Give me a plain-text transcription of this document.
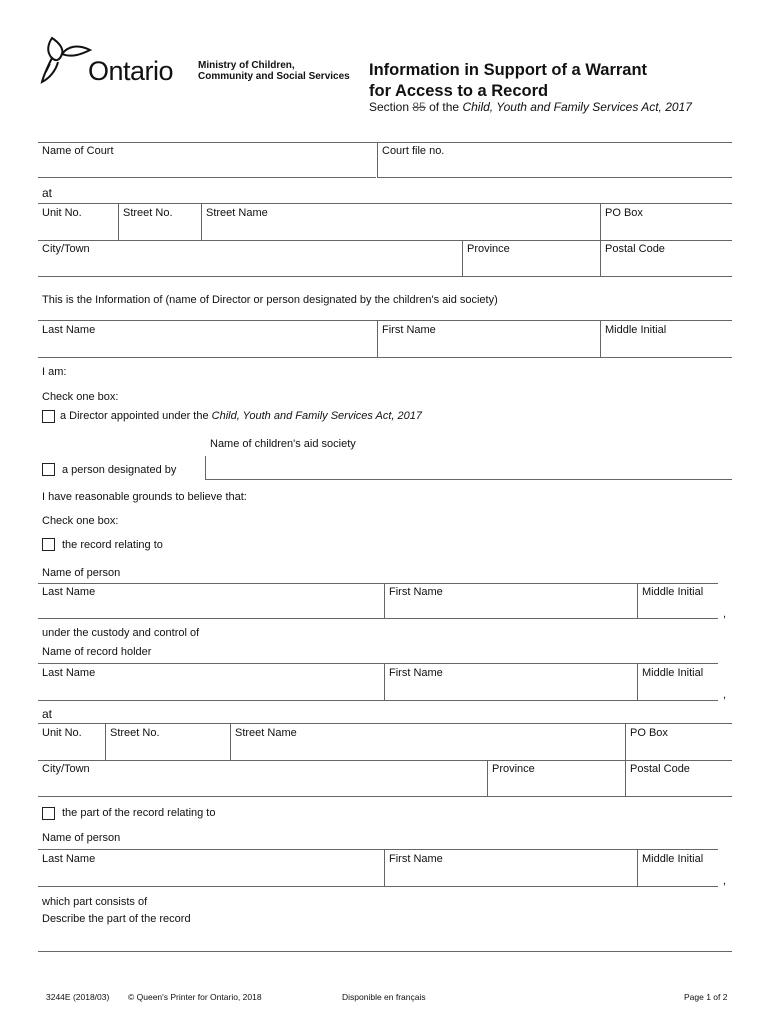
Ontario Ministry of Children,
Community and Social Services Information in Support of a Warrant
for Access to a Record
Section 85 of the Child, Youth and Family Services Act, 2017
Name of Court	Court file no.
at
Unit No.	Street No.	Street Name	PO Box
City/Town	Province	Postal Code
This is the Information of (name of Director or person designated by the children's aid society)
Last Name	First Name	Middle Initial
I am:
Check one box:
a Director appointed under the Child, Youth and Family Services Act, 2017
Name of children's aid society
a person designated by
I have reasonable grounds to believe that:
Check one box:
the record relating to
Name of person
Last Name	First Name	Middle Initial
,
under the custody and control of
Name of record holder
Last Name	First Name	Middle Initial
,
at
Unit No.	Street No.	Street Name	PO Box
City/Town	Province	Postal Code
the part of the record relating to
Name of person
Last Name	First Name	Middle Initial
,
which part consists of
Describe the part of the record
3244E (2018/03) © Queen's Printer for Ontario, 2018	Disponible en français	Page 1 of 2
